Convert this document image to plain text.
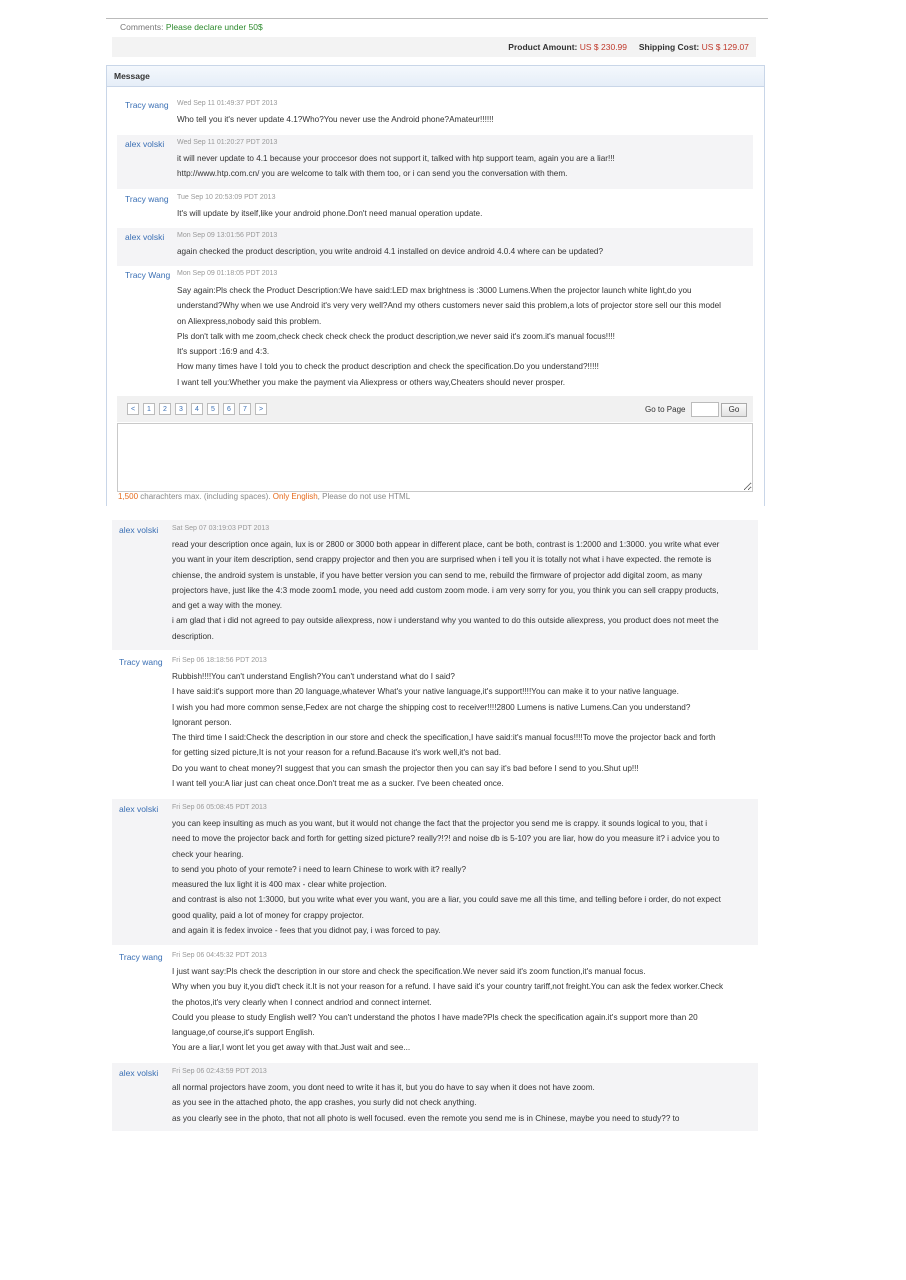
Comments: Please declare under 50$
Product Amount: US $ 230.99 Shipping Cost: US $ 129.07
Message
Tracy wang Wed Sep 11 01:49:37 PDT 2013
Who tell you it's never update 4.1?Who?You never use the Android phone?Amateur!!!!!!
alex volski Wed Sep 11 01:20:27 PDT 2013
it will never update to 4.1 because your proccesor does not support it, talked with htp support team, again you are a liar!!!
http://www.htp.com.cn/ you are welcome to talk with them too, or i can send you the conversation with them.
Tracy wang Tue Sep 10 20:53:09 PDT 2013
It's will update by itself,like your android phone.Don't need manual operation update.
alex volski Mon Sep 09 13:01:56 PDT 2013
again checked the product description, you write android 4.1 installed on device android 4.0.4 where can be updated?
Tracy Wang Mon Sep 09 01:18:05 PDT 2013
Say again:Pls check the Product Description:We have said:LED max brightness is :3000 Lumens.When the projector launch white light,do you
understand?Why when we use Android it's very very well?And my others customers never said this problem,a lots of projector store sell our this model
on Aliexpress,nobody said this problem.
Pls don't talk with me zoom,check check check check the product description,we never said it's zoom.it's manual focus!!!!
It's support :16:9 and 4:3.
How many times have I told you to check the product description and check the specification.Do you understand?!!!!!
I want tell you:Whether you make the payment via Aliexpress or others way,Cheaters should never prosper.
<	1	2	3	4	5	6	7	>	Go to Page	Go
1,500 charachters max. (including spaces). Only English, Please do not use HTML
alex volski Sat Sep 07 03:19:03 PDT 2013
read your description once again, lux is or 2800 or 3000 both appear in different place, cant be both, contrast is 1:2000 and 1:3000. you write what ever
you want in your item description, send crappy projector and then you are surprised when i tell you it is totally not what i have expected. the remote is
chiense, the android system is unstable, if you have better version you can send to me, rebuild the firmware of projector add digital zoom, as many
projectors have, just like the 4:3 mode zoom1 mode, you need add custom zoom mode. i am very sorry for you, you think you can sell crappy products,
and get a way with the money.
i am glad that i did not agreed to pay outside aliexpress, now i understand why you wanted to do this outside aliexpress, you product does not meet the
description.
Tracy wang Fri Sep 06 18:18:56 PDT 2013
Rubbish!!!!You can't understand English?You can't understand what do I said?
I have said:it's support more than 20 language,whatever What's your native language,it's support!!!!You can make it to your native language.
I wish you had more common sense,Fedex are not charge the shipping cost to receiver!!!!2800 Lumens is native Lumens.Can you understand?
Ignorant person.
The third time I said:Check the description in our store and check the specification,I have said:it's manual focus!!!!To move the projector back and forth
for getting sized picture,It is not your reason for a refund.Bacause it's work well,it's not bad.
Do you want to cheat money?I suggest that you can smash the projector then you can say it's bad before I send to you.Shut up!!!
I want tell you:A liar just can cheat once.Don't treat me as a sucker. I've been cheated once.
alex volski Fri Sep 06 05:08:45 PDT 2013
you can keep insulting as much as you want, but it would not change the fact that the projector you send me is crappy. it sounds logical to you, that i
need to move the projector back and forth for getting sized picture? really?!?! and noise db is 5-10? you are liar, how do you measure it? i advice you to
check your hearing.
to send you photo of your remote? i need to learn Chinese to work with it? really?
measured the lux light it is 400 max - clear white projection.
and contrast is also not 1:3000, but you write what ever you want, you are a liar, you could save me all this time, and telling before i order, do not expect
good quality, paid a lot of money for crappy projector.
and again it is fedex invoice - fees that you didnot pay, i was forced to pay.
Tracy wang Fri Sep 06 04:45:32 PDT 2013
I just want say:Pls check the description in our store and check the specification.We never said it's zoom function,it's manual focus.
Why when you buy it,you did't check it.It is not your reason for a refund. I have said it's your country tariff,not freight.You can ask the fedex worker.Check
the photos,it's very clearly when I connect andriod and connect internet.
Could you please to study English well? You can't understand the photos I have made?Pls check the specification again.it's support more than 20
language,of course,it's support English.
You are a liar,I wont let you get away with that.Just wait and see...
alex volski Fri Sep 06 02:43:59 PDT 2013
all normal projectors have zoom, you dont need to write it has it, but you do have to say when it does not have zoom.
as you see in the attached photo, the app crashes, you surly did not check anything.
as you clearly see in the photo, that not all photo is well focused. even the remote you send me is in Chinese, maybe you need to study?? to
